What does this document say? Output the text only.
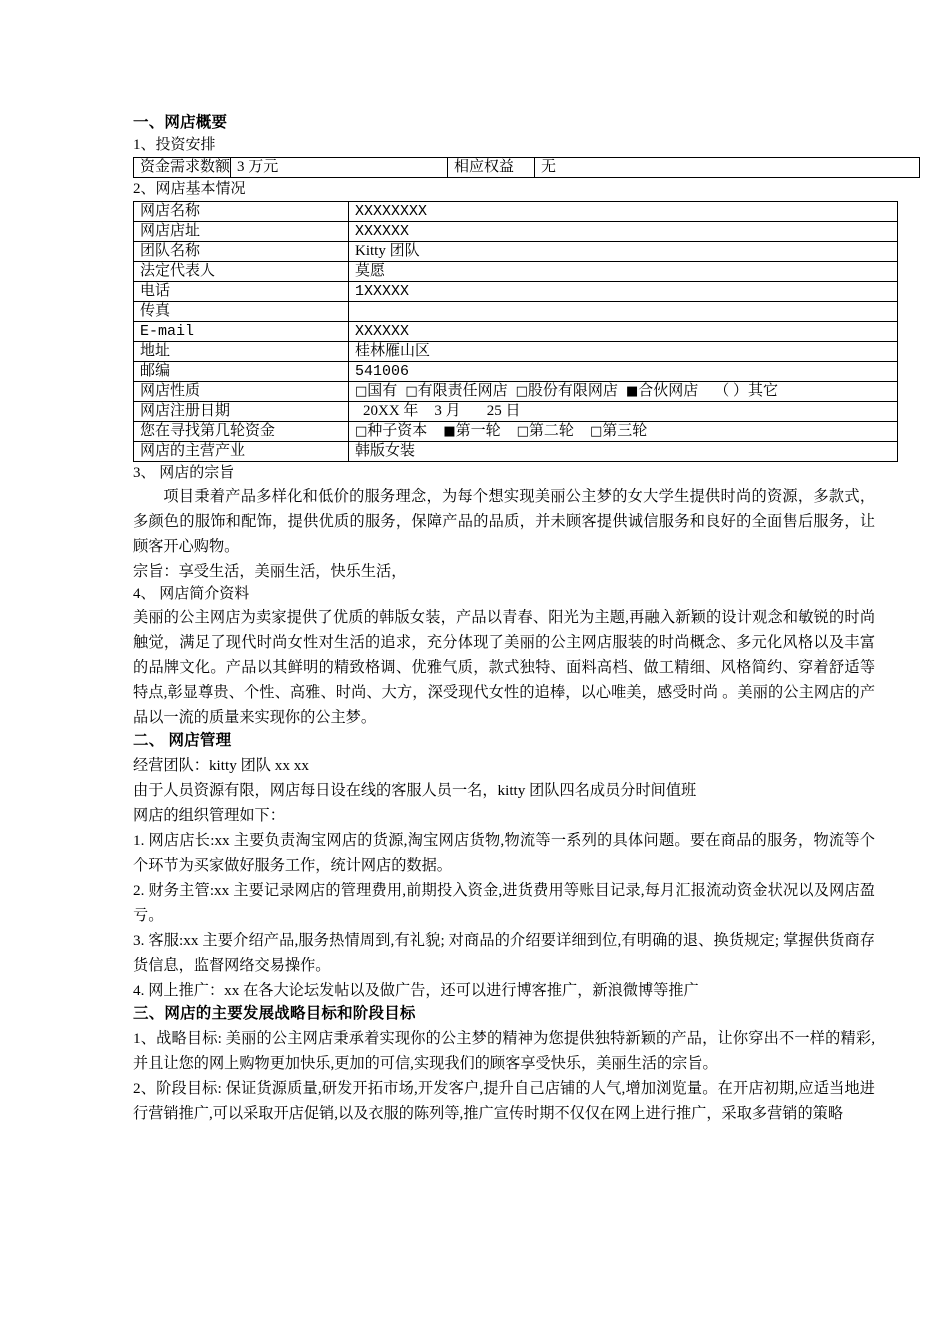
一、网店概要

1、投资安排

资金需求数额	3 万元	相应权益	无

2、网店基本情况

网店名称	XXXXXXXX
网店店址	XXXXXX
团队名称	Kitty 团队
法定代表人	莫愿
电话	1XXXXX
传真	
E-mail	XXXXXX
地址	桂林雁山区
邮编	541006
网店性质	□国有 □有限责任网店 □股份有限网店 ■合伙网店 （ ）其它
网店注册日期	20XX 年 3 月 25 日
您在寻找第几轮资金	□种子资本 ■第一轮 □第二轮 □第三轮
网店的主营产业	韩版女装

3、 网店的宗旨

项目秉着产品多样化和低价的服务理念，为每个想实现美丽公主梦的女大学生提供时尚的资源，多款式，多颜色的服饰和配饰，提供优质的服务，保障产品的品质，并未顾客提供诚信服务和良好的全面售后服务，让顾客开心购物。

宗旨：享受生活，美丽生活，快乐生活，

4、 网店简介资料

美丽的公主网店为卖家提供了优质的韩版女装，产品以青春、阳光为主题,再融入新颖的设计观念和敏锐的时尚触觉，满足了现代时尚女性对生活的追求，充分体现了美丽的公主网店服装的时尚概念、多元化风格以及丰富的品牌文化。产品以其鲜明的精致格调、优雅气质，款式独特、面料高档、做工精细、风格简约、穿着舒适等特点,彰显尊贵、个性、高雅、时尚、大方，深受现代女性的追棒，以心唯美，感受时尚 。美丽的公主网店的产品以一流的质量来实现你的公主梦。

二、 网店管理

经营团队：kitty 团队 xx xx

由于人员资源有限，网店每日设在线的客服人员一名，kitty 团队四名成员分时间值班

网店的组织管理如下：

1. 网店店长:xx 主要负责淘宝网店的货源,淘宝网店货物,物流等一系列的具体问题。要在商品的服务，物流等个个环节为买家做好服务工作，统计网店的数据。

2. 财务主管:xx 主要记录网店的管理费用,前期投入资金,进货费用等账目记录,每月汇报流动资金状况以及网店盈亏。

3. 客服:xx 主要介绍产品,服务热情周到,有礼貌; 对商品的介绍要详细到位,有明确的退、换货规定; 掌握供货商存货信息，监督网络交易操作。

4. 网上推广：xx 在各大论坛发帖以及做广告，还可以进行博客推广，新浪微博等推广

三、网店的主要发展战略目标和阶段目标

1、战略目标: 美丽的公主网店秉承着实现你的公主梦的精神为您提供独特新颖的产品，让你穿出不一样的精彩,并且让您的网上购物更加快乐,更加的可信,实现我们的顾客享受快乐，美丽生活的宗旨。

2、阶段目标: 保证货源质量,研发开拓市场,开发客户,提升自己店铺的人气,增加浏览量。在开店初期,应适当地进行营销推广,可以采取开店促销,以及衣服的陈列等,推广宣传时期不仅仅在网上进行推广，采取多营销的策略
